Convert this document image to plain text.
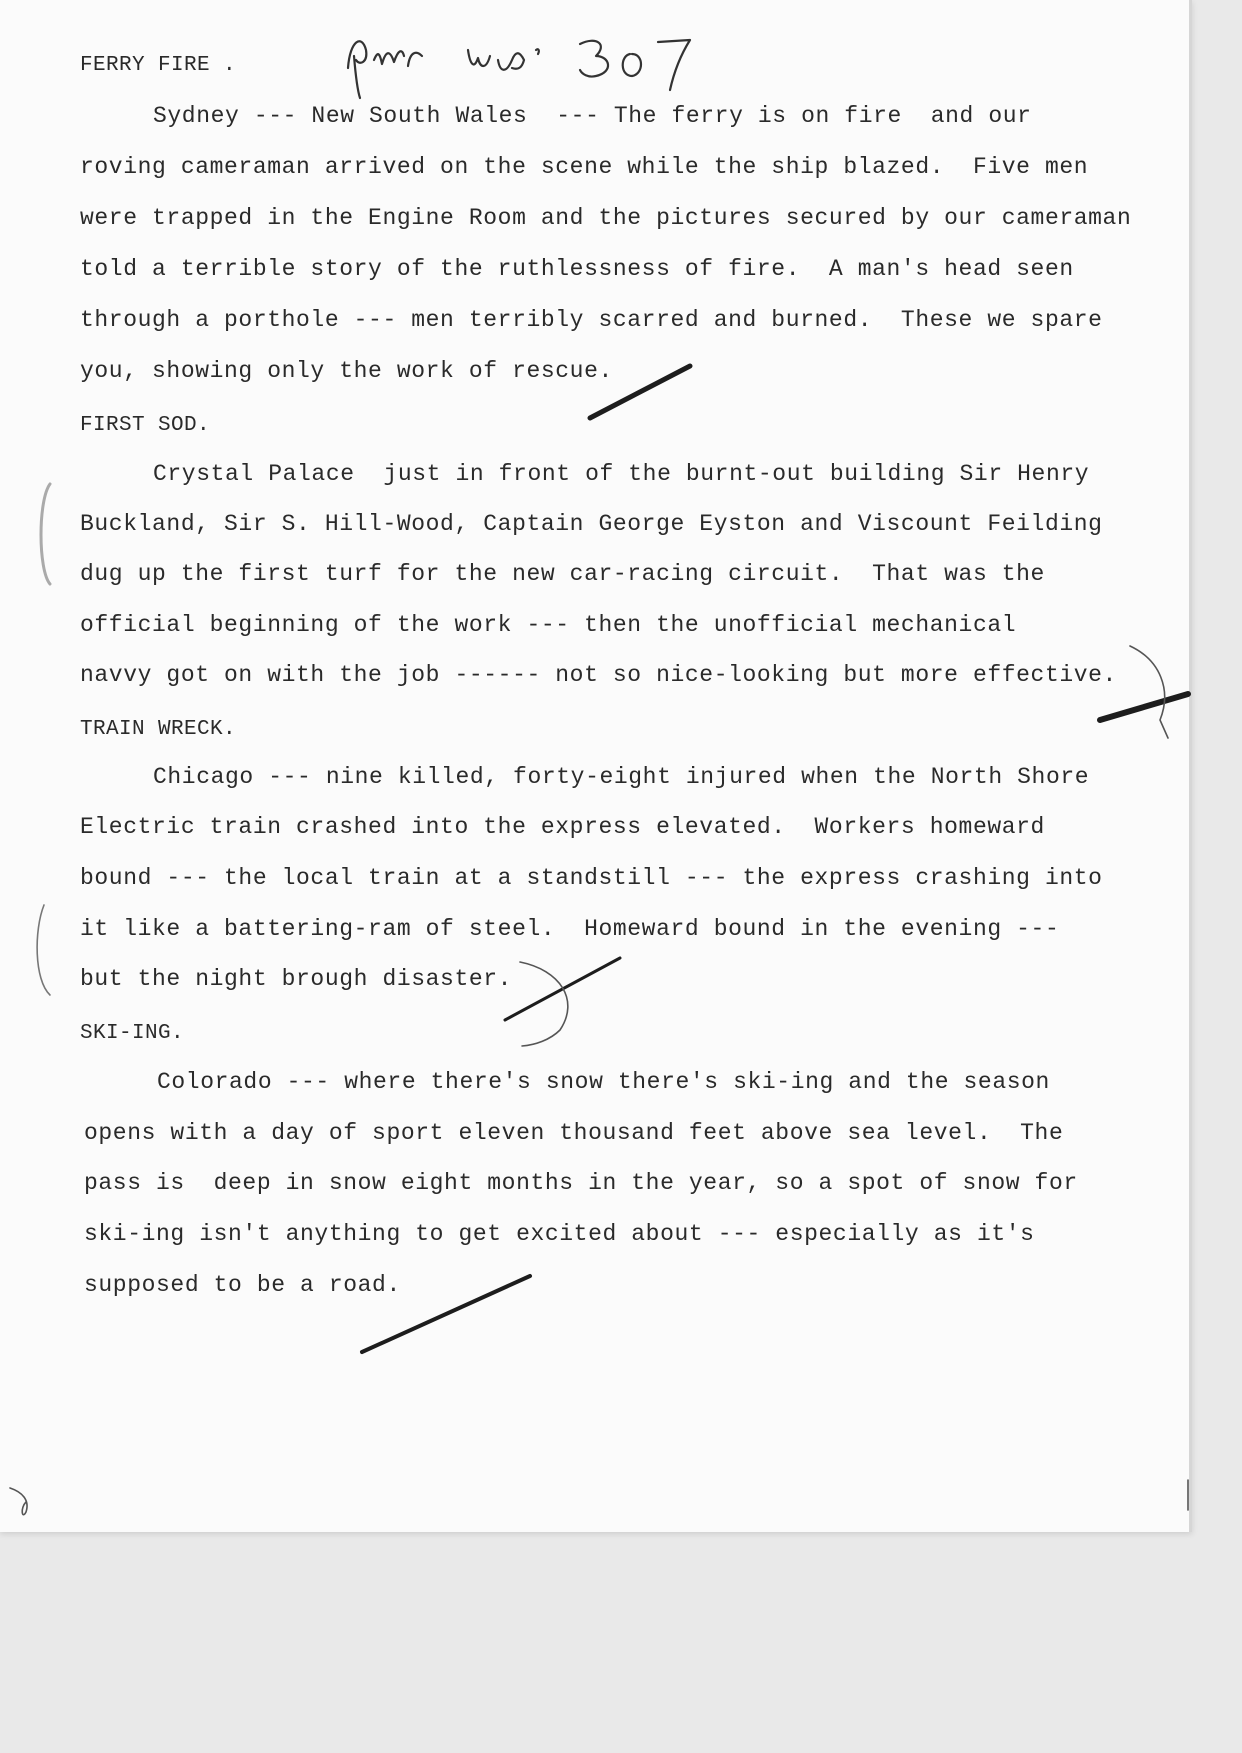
FERRY FIRE .

Sydney --- New South Wales  --- The ferry is on fire  and our

roving cameraman arrived on the scene while the ship blazed.  Five men

were trapped in the Engine Room and the pictures secured by our cameraman

told a terrible story of the ruthlessness of fire.  A man's head seen

through a porthole --- men terribly scarred and burned.  These we spare

you, showing only the work of rescue.

FIRST SOD.

Crystal Palace  just in front of the burnt-out building Sir Henry

Buckland, Sir S. Hill-Wood, Captain George Eyston and Viscount Feilding

dug up the first turf for the new car-racing circuit.  That was the

official beginning of the work --- then the unofficial mechanical

navvy got on with the job ------ not so nice-looking but more effective.

TRAIN WRECK.

Chicago --- nine killed, forty-eight injured when the North Shore

Electric train crashed into the express elevated.  Workers homeward

bound --- the local train at a standstill --- the express crashing into

it like a battering-ram of steel.  Homeward bound in the evening ---

but the night brough disaster.

SKI-ING.

Colorado --- where there's snow there's ski-ing and the season

opens with a day of sport eleven thousand feet above sea level.  The

pass is  deep in snow eight months in the year, so a spot of snow for

ski-ing isn't anything to get excited about --- especially as it's

supposed to be a road.
